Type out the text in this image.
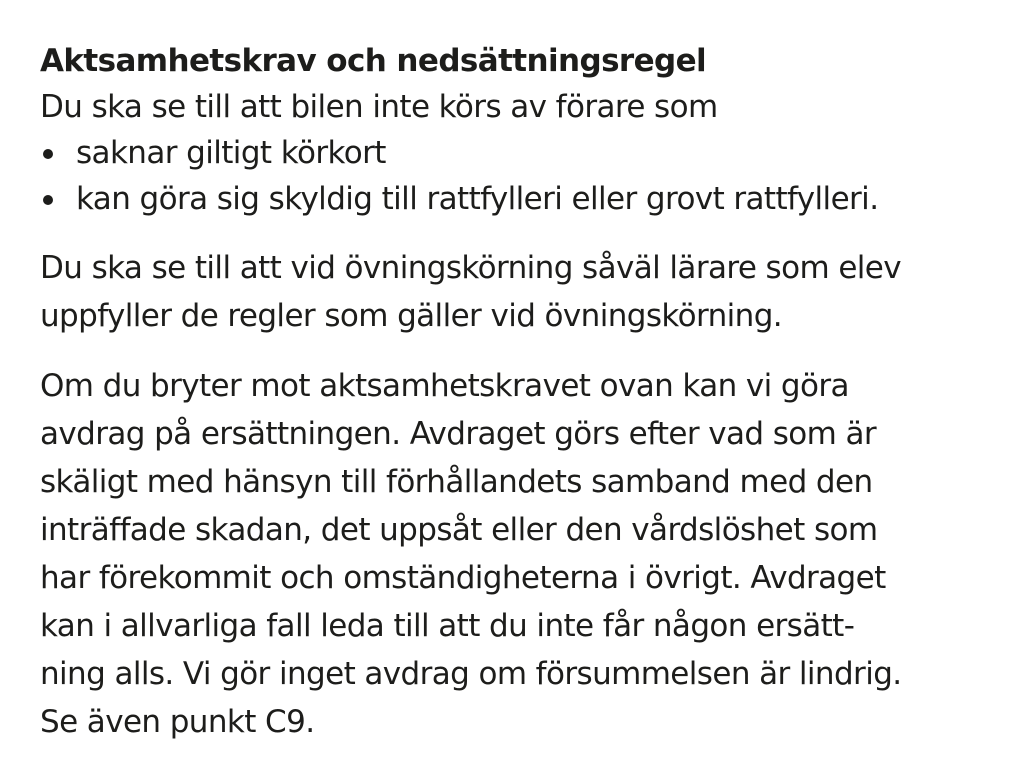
Aktsamhetskrav och nedsättningsregel

Du ska se till att bilen inte körs av förare som

saknar giltigt körkort
kan göra sig skyldig till rattfylleri eller grovt rattfylleri.

Du ska se till att vid övningskörning såväl lärare som elev
uppfyller de regler som gäller vid övningskörning.

Om du bryter mot aktsamhetskravet ovan kan vi göra
avdrag på ersättningen. Avdraget görs efter vad som är
skäligt med hänsyn till förhållandets samband med den
inträffade skadan, det uppsåt eller den vårdslöshet som
har förekommit och omständigheterna i övrigt. Avdraget
kan i allvarliga fall leda till att du inte får någon ersätt-
ning alls. Vi gör inget avdrag om försummelsen är lindrig.
Se även punkt C9.
